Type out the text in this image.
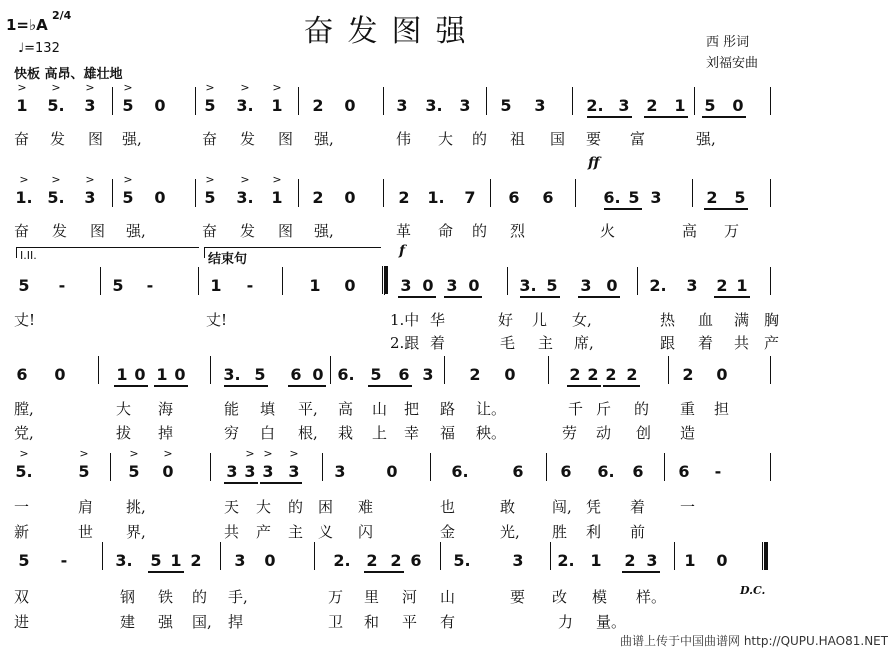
奋发图强
1=♭A
2/4
♩=132
快板 高昂、雄壮地
西 彤词
刘福安曲
1 5. 3 5 0 5 3. 1 2 0	3 3. 3 5 3	2. 3 2 1 5 0
奋 发 图 强,	奋 发 图 强,	伟 大 的 祖 国 要 富	强,
> > >	>	> > >
1. 5. 3 5 0 5 3. 1 2 0	2 1. 7 6 6	6. 5 3	2 5
奋 发 图 强,	奋 发 图 强,	革 命 的 烈	火	高 万
> > >	>	> > >
5 -	5 -	1 -	1 0	3 0 3 0 3. 5 3 0 2. 3 2 1
丈!	丈!	1.中 华	好 儿 女,	热 血 满 胸
2.跟 着	毛 主 席,	跟 着 共 产
I.II.	结束句
6 0	1 0 1 0 3. 5 6 0 6. 5 6 3 2 0	2 2 2 2	2 0
膛,	大 海	能 填 平, 高 山 把 路 让。	千 斤 的 重 担
党,	拔 掉	穷 白 根, 栽 上 幸 福 秧。	劳 动 创 造
5.	5 5 0	3 3 3 3 3	0	6.	6 6 6. 6 6 -
一	肩 挑,	天 大 的 困 难	也	敢 闯, 凭 着 一
新	世 界,	共 产 主 义 闪	金	光, 胜 利 前
>	>	> >	> > >
5 -	3. 5 1 2 3 0	2. 2 2 6 5.	3 2. 1 2 3 1 0
双	钢 铁 的 手,	万 里 河 山	要 改 模 样。
进	建 强 国, 捍	卫 和 平 有	力 量。
D.C.
ff
f
曲谱上传于中国曲谱网 http://QUPU.HAO81.NET
